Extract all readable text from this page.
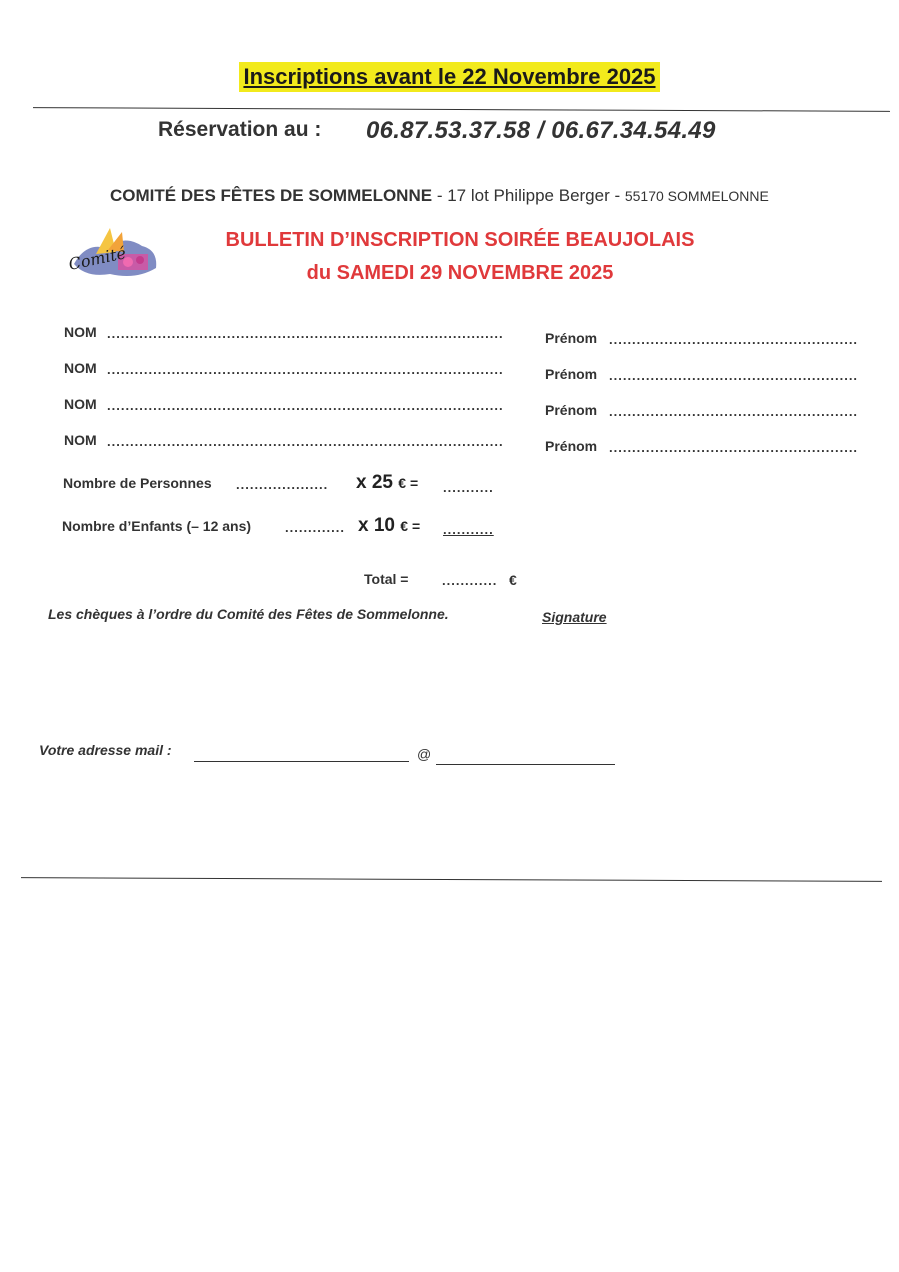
Inscriptions avant le 22 Novembre 2025
Réservation au : 06.87.53.37.58 / 06.67.34.54.49
COMITÉ DES FÊTES DE SOMMELONNE - 17 lot Philippe Berger - 55170 SOMMELONNE
Comité
BULLETIN D’INSCRIPTION SOIRÉE BEAUJOLAIS
du SAMEDI 29 NOVEMBRE 2025
NOM ......................................................................................	Prénom ......................................................
NOM ......................................................................................	Prénom ......................................................
NOM ......................................................................................	Prénom ......................................................
NOM ......................................................................................	Prénom ......................................................
Nombre de Personnes .................... x 25 € = ...........
Nombre d’Enfants (– 12 ans)	............. x 10 € = ...........
Total =	............ €
Les chèques à l’ordre du Comité des Fêtes de Sommelonne.	Signature
Votre adresse mail :	@
